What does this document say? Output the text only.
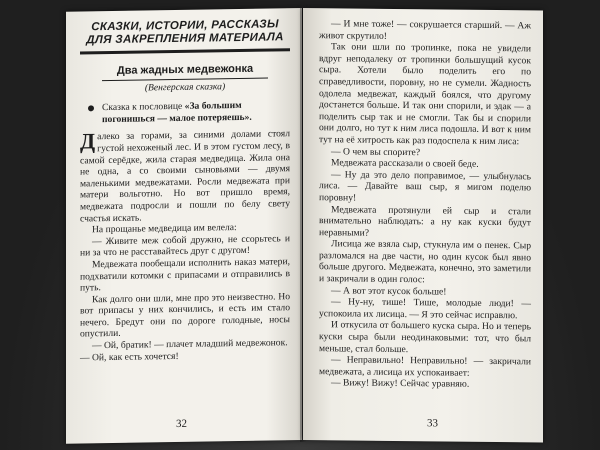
СКАЗКИ, ИСТОРИИ, РАССКАЗЫ
ДЛЯ ЗАКРЕПЛЕНИЯ МАТЕРИАЛА
Два жадных медвежонка
(Венгерская сказка)
Сказка к пословице «За большим погонишься — малое потеряешь».

Далеко за горами, за синими долами стоял густой нехоженый лес. И в этом густом лесу, в самой серёдке, жила старая медведица. Жила она не одна, а со своими сыновьями — двумя маленькими медвежатами. Росли медвежата при матери вольготно. Но вот пришло время, медвежата подросли и пошли по белу свету счастья искать.

На прощанье медведица им велела:

— Живите меж собой дружно, не ссорьтесь и ни за что не расставайтесь друг с другом!

Медвежата пообещали исполнить наказ матери, подхватили котомки с припасами и отправились в путь.

Как долго они шли, мне про это неизвестно. Но вот припасы у них кончились, и есть им стало нечего. Бредут они по дороге голодные, носы опустили.

— Ой, братик! — плачет младший медвежонок. — Ой, как есть хочется!

32

— И мне тоже! — сокрушается старший. — Аж живот скрутило!

Так они шли по тропинке, пока не увидели вдруг неподалеку от тропинки большущий кусок сыра. Хотели было поделить его по справедливости, поровну, но не сумели. Жадность одолела медвежат, каждый боялся, что другому достанется больше. И так они спорили, и эдак — а поделить сыр так и не смогли. Так бы и спорили они долго, но тут к ним лиса подошла. И вот к ним тут на её хитрость как раз подоспела к ним лиса:

— О чем вы спорите?

Медвежата рассказали о своей беде.

— Ну да это дело поправимое, — улыбнулась лиса. — Давайте ваш сыр, я мигом поделю поровну!

Медвежата протянули ей сыр и стали внимательно наблюдать: а ну как куски будут неравными?

Лисица же взяла сыр, стукнула им о пенек. Сыр разломался на две части, но один кусок был явно больше другого. Медвежата, конечно, это заметили и закричали в один голос:

— А вот этот кусок больше!

— Ну-ну, тише! Тише, молодые люди! — успокоила их лисица. — Я это сейчас исправлю.

И откусила от большего куска сыра. Но и теперь куски сыра были неодинаковыми: тот, что был меньше, стал больше.

— Неправильно! Неправильно! — закричали медвежата, а лисица их успокаивает:

— Вижу! Вижу! Сейчас уравняю.

33
